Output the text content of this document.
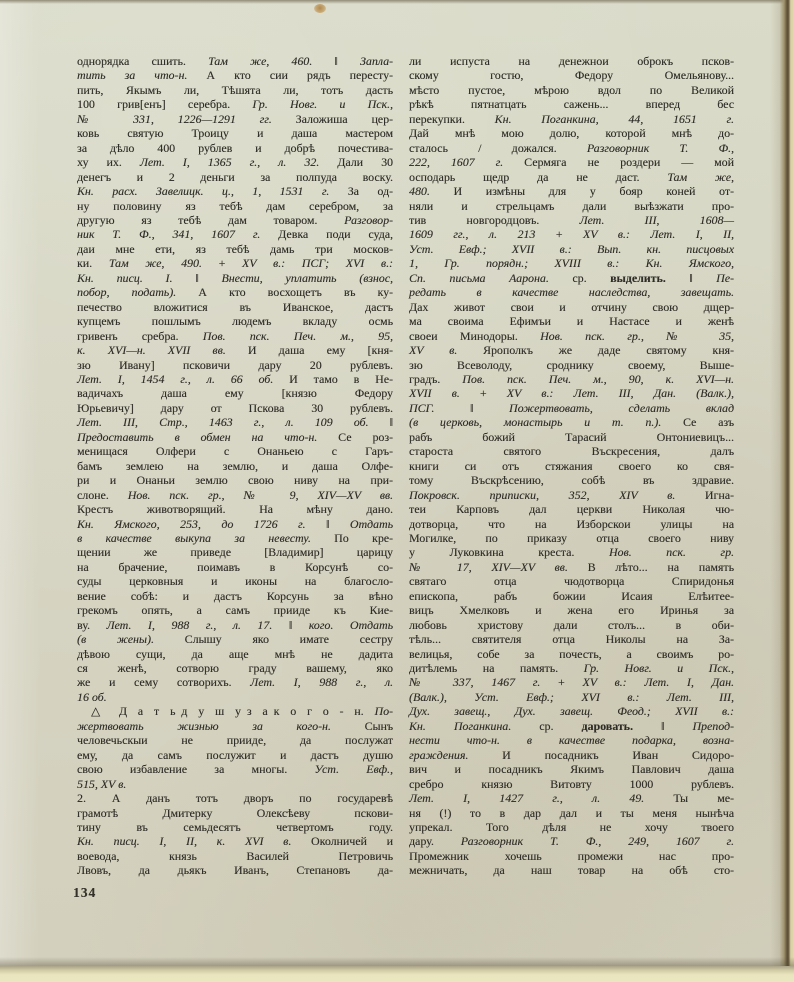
однорядка сшить. Там же, 460. ‖ Запла-
тить за что-н. А кто сии рядъ пересту-
пить, Якымъ ли, Тѣшята ли, тотъ дасть
100 грив[енъ] серебра. Гр. Новг. и Пск.,
№ 331, 1226—1291 гг. Заложиша цер-
ковь святую Троицу и даша мастером
за дѣло 400 рублев и добрѣ почестива-
ху их. Лет. I, 1365 г., л. 32. Дали 30
денегъ и 2 деньги за полпуда воску.
Кн. расх. Завелицк. ц., 1, 1531 г. За од-
ну половину яз тебѣ дам серебром, за
другую яз тебѣ дам товаром. Разговор-
ник Т. Ф., 341, 1607 г. Девка поди суда,
даи мне ети, яз тебѣ дамь три москов-
ки. Там же, 490. + XV в.: ПСГ; XVI в.:
Кн. писц. I. ‖ Внести, уплатить (взнос,
побор, подать). А кто восхощетъ въ ку-
печество вложитися въ Иванское, дастъ
купцемъ пошлымъ людемъ вкладу осмь
гривенъ сребра. Пов. пск. Печ. м., 95,
к. XVI—н. XVII вв. И даша ему [кня-
зю Ивану] псковичи дару 20 рублевъ.
Лет. I, 1454 г., л. 66 об. И тамо в Не-
вадичахъ даша ему [князю Федору
Юрьевичу] дару от Пскова 30 рублевъ.
Лет. III, Стр., 1463 г., л. 109 об. ‖
Предоставить в обмен на что-н. Се роз-
менищася Олфери с Онаньею с Гаръ-
бамъ землею на землю, и даша Олфе-
ри и Онаньи землю свою ниву на при-
слоне. Нов. пск. гр., № 9, XIV—XV вв.
Крестъ животворящий. На мѣну дано.
Кн. Ямского, 253, до 1726 г. ‖ Отдать
в качестве выкупа за невесту. По кре-
щении же приведе [Владимир] царицу
на брачение, поимавъ в Корсунѣ со-
суды церковныя и иконы на благосло-
вение собѣ: и дастъ Корсунь за вѣно
грекомъ опять, а самъ прииде къ Кие-
ву. Лет. I, 988 г., л. 17. ‖ кого. Отдать
(в жены). Слышу яко имате сестру
дѣвою сущи, да аще мнѣ не дадита
ся женѣ, сотворю граду вашему, яко
же и сему сотворихъ. Лет. I, 988 г., л.
16 об.
△ Д а т ь д у ш у з а к о г о - н. По-
жертвовать жизнью за кого-н. Сынъ
человечьскыи не прииде, да послужат
ему, да самъ послужит и дастъ душю
свою избавление за многы. Уст. Евф.,
515, XV в.
2. А данъ тотъ дворъ по государевѣ
грамотѣ Дмитерку Олексѣеву пскови-
тину въ семьдесятъ четвертомъ году.
Кн. писц. I, II, к. XVI в. Околничей и
воевода, князь Василей Петровичь
Лвовъ, да дьякъ Иванъ, Степановъ да-
ли испуста на денежнои оброкъ псков-
скому гостю, Федору Омельянову...
мѣсто пустое, мѣрою вдол по Великой
рѣкѣ пятнатцать сажень... вперед бес
перекупки. Кн. Поганкина, 44, 1651 г.
Дай мнѣ мою долю, которой мнѣ до-
сталось / дожался. Разговорник Т. Ф.,
222, 1607 г. Сермяга не роздери — мой
осподарь щедр да не даст. Там же,
480. И измѣны для у бояр коней от-
няли и стрельцамъ дали выѣзжати про-
тив новгородцовъ. Лет. III, 1608—
1609 гг., л. 213 + XV в.: Лет. I, II,
Уст. Евф.; XVII в.: Вып. кн. писцовых
1, Гр. порядн.; XVIII в.: Кн. Ямского,
Сп. письма Аарона. ср. выделить. ‖ Пе-
редать в качестве наследства, завещать.
Дах живот свои и отчину свою дщер-
ма своима Ефимъи и Настасе и женѣ
своеи Минодоры. Нов. пск. гр., № 35,
XV в. Ярополкъ же даде святому кня-
зю Всеволоду, сроднику своему, Выше-
градъ. Пов. пск. Печ. м., 90, к. XVI—н.
XVII в. + XV в.: Лет. III, Дан. (Валк.),
ПСГ. ‖ Пожертвовать, сделать вклад
(в церковь, монастырь и т. п.). Се азъ
рабъ божий Тарасий Онтониевицъ...
староста святого Въскресения, далъ
книги си отъ стяжания своего ко свя-
тому Въскрѣсению, собѣ въ здравие.
Покровск. приписки, 352, XIV в. Игна-
теи Карповъ дал церкви Николая чю-
дотворца, что на Изборскои улицы на
Могилке, по приказу отца своего ниву
у Луковкина креста. Нов. пск. гр.
№ 17, XIV—XV вв. В лѣто... на память
святаго отца чюдотворца Спиридонья
епископа, рабъ божии Исаия Елѣитее-
вицъ Хмелковъ и жена его Иринья за
любовь христову дали столъ... в оби-
тѣль... святителя отца Николы на За-
велицья, собе за почесть, а своимъ ро-
дитѣлемь на память. Гр. Новг. и Пск.,
№ 337, 1467 г. + XV в.: Лет. I, Дан.
(Валк.), Уст. Евф.; XVI в.: Лет. III,
Дух. завещ., Дух. завещ. Феод.; XVII в.:
Кн. Поганкина. ср. даровать. ‖ Препод-
нести что-н. в качестве подарка, возна-
граждения. И посадникъ Иван Сидоро-
вич и посадникъ Якимъ Павлович даша
сребро князю Витовту 1000 рублевъ.
Лет. I, 1427 г., л. 49. Ты ме-
ня (!) то в дар дал и ты меня нынѣча
упрекал. Того дѣля не хочу твоего
дару. Разговорник Т. Ф., 249, 1607 г.
Промежник хочешь промежи нас про-
межничать, да наш товар на обѣ сто-
134
